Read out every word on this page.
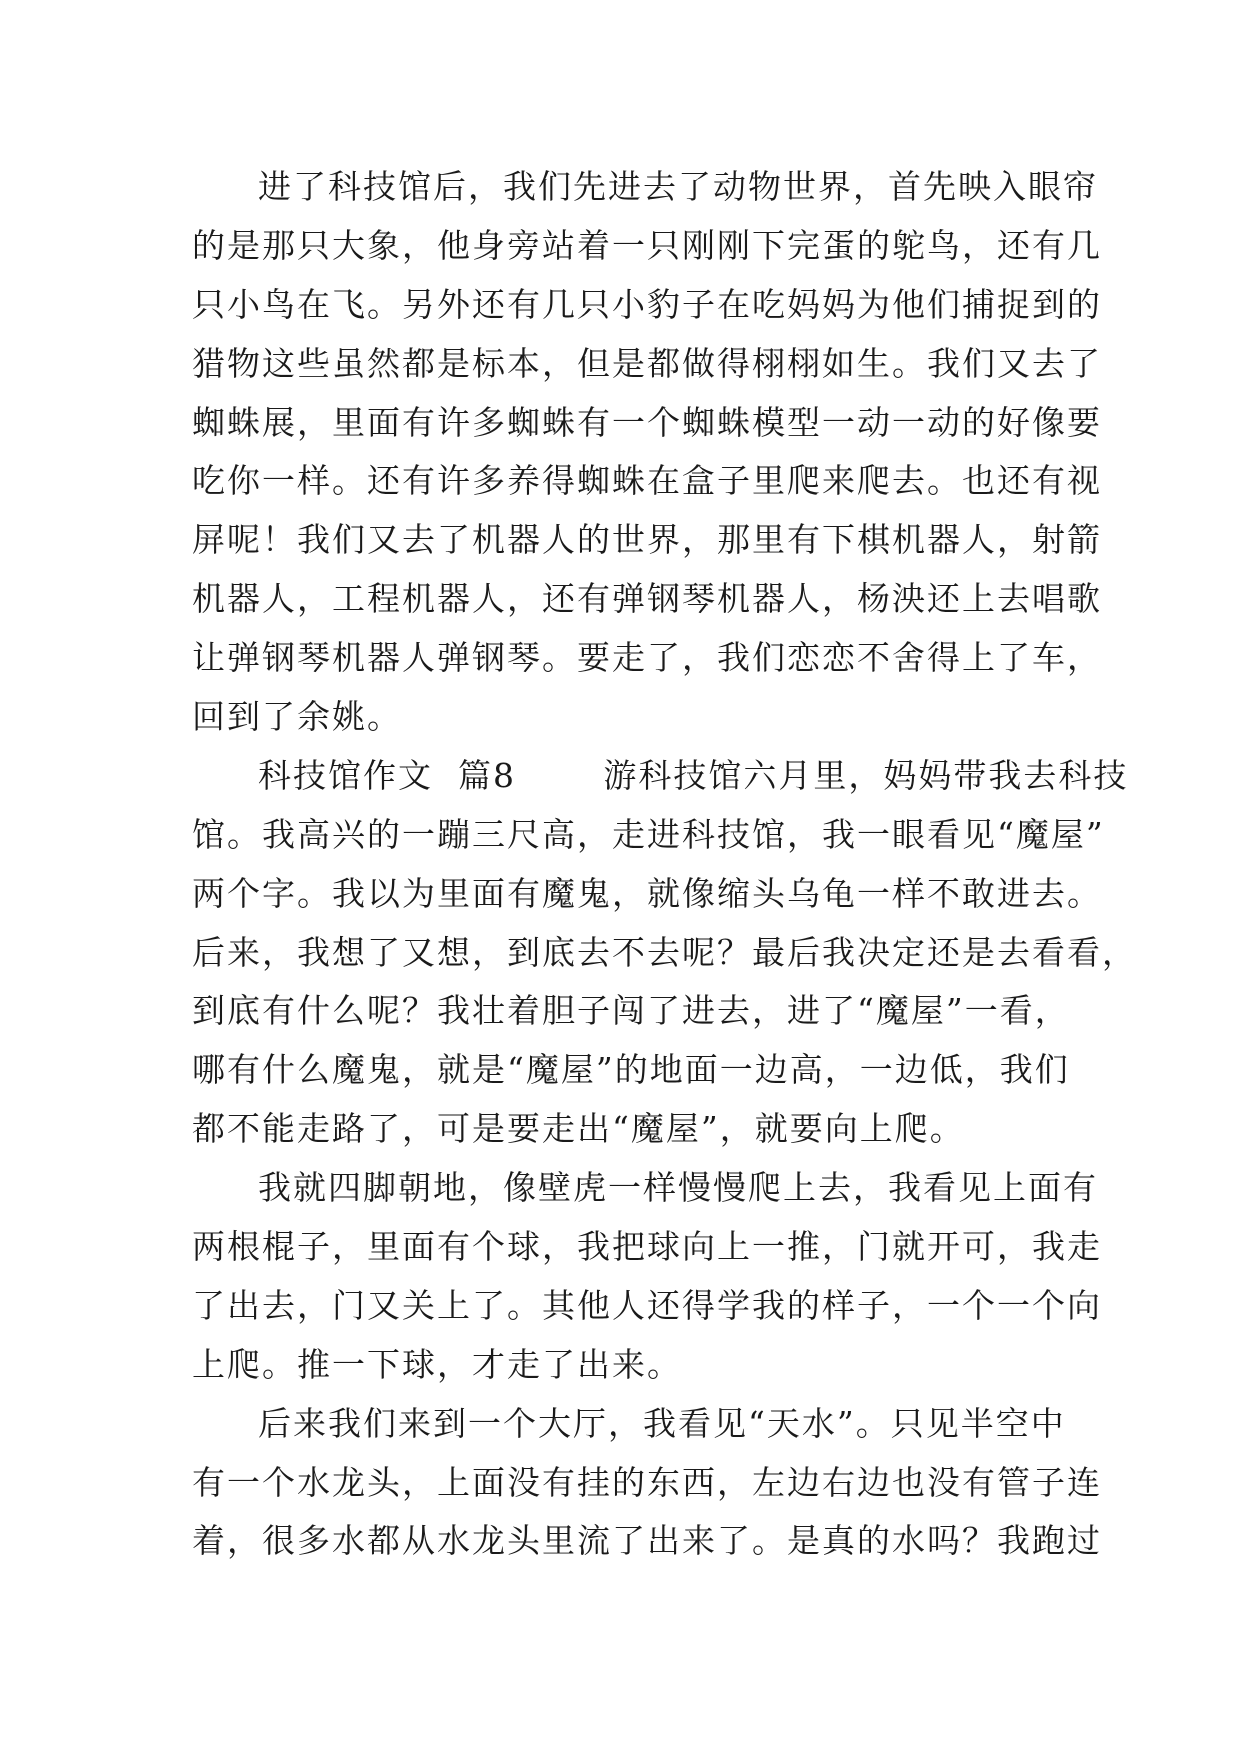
进了科技馆后，我们先进去了动物世界，首先映入眼帘
的是那只大象，他身旁站着一只刚刚下完蛋的鸵鸟，还有几
只小鸟在飞。另外还有几只小豹子在吃妈妈为他们捕捉到的
猎物这些虽然都是标本，但是都做得栩栩如生。我们又去了
蜘蛛展，里面有许多蜘蛛有一个蜘蛛模型一动一动的好像要
吃你一样。还有许多养得蜘蛛在盒子里爬来爬去。也还有视
屏呢！我们又去了机器人的世界，那里有下棋机器人，射箭
机器人，工程机器人，还有弹钢琴机器人，杨泱还上去唱歌
让弹钢琴机器人弹钢琴。要走了，我们恋恋不舍得上了车，
回到了余姚。
科技馆作文  篇8       游科技馆六月里，妈妈带我去科技
馆。我高兴的一蹦三尺高，走进科技馆，我一眼看见“魔屋”
两个字。我以为里面有魔鬼，就像缩头乌龟一样不敢进去。
后来，我想了又想，到底去不去呢？最后我决定还是去看看，
到底有什么呢？我壮着胆子闯了进去，进了“魔屋”一看，
哪有什么魔鬼，就是“魔屋”的地面一边高，一边低，我们
都不能走路了，可是要走出“魔屋”，就要向上爬。
我就四脚朝地，像壁虎一样慢慢爬上去，我看见上面有
两根棍子，里面有个球，我把球向上一推，门就开可，我走
了出去，门又关上了。其他人还得学我的样子，一个一个向
上爬。推一下球，才走了出来。
后来我们来到一个大厅，我看见“天水”。只见半空中
有一个水龙头，上面没有挂的东西，左边右边也没有管子连
着，很多水都从水龙头里流了出来了。是真的水吗？我跑过
